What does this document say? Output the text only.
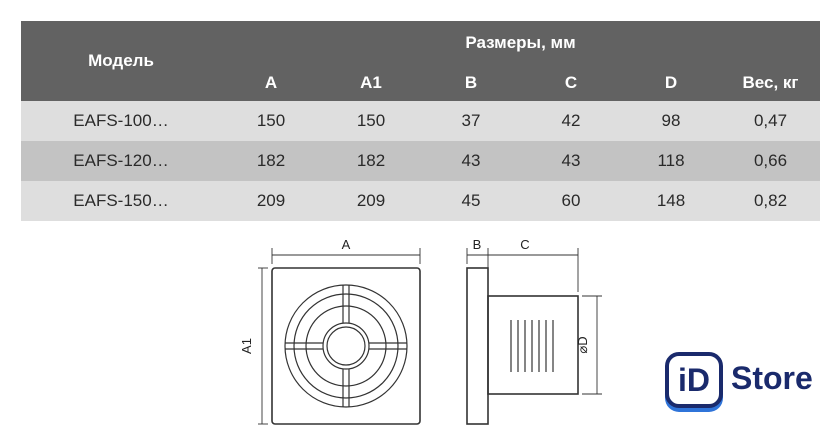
Модель
Размеры, мм
A	A1	B	C	D	Вес, кг
EAFS-100…	150	150	37	42	98	0,47
EAFS-120…	182	182	43	43	118	0,66
EAFS-150…	209	209	45	60	148	0,82
A
A1
B	C
⌀D
iD Store
